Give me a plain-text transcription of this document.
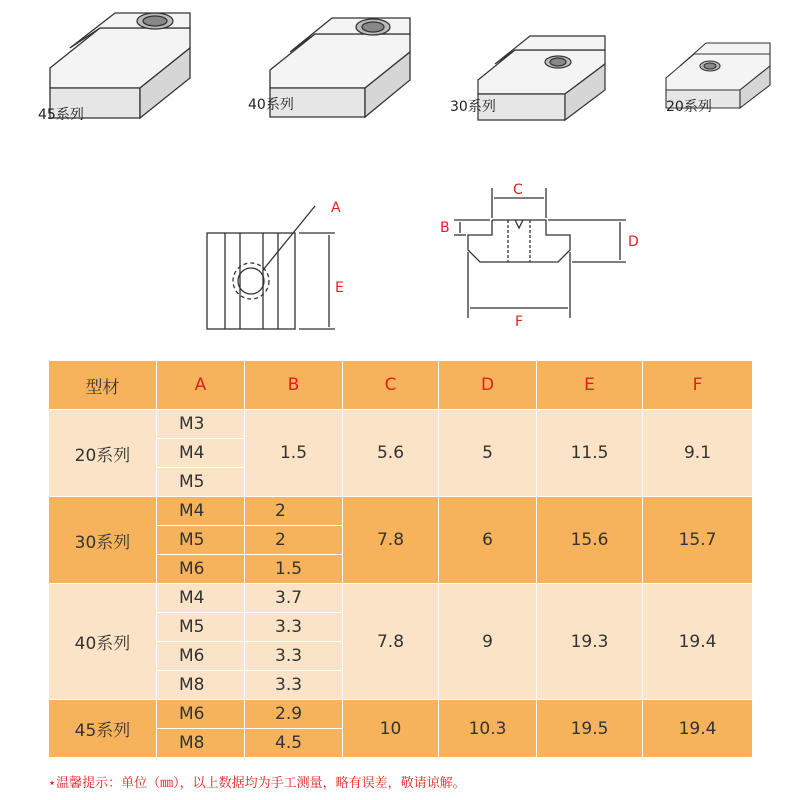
45系列
40系列	30系列	20系列
A
E
C
B
D
F
型材	A	B	C	D	E	F
20系列	M3	1.5	5.6	5	11.5	9.1
	M4					
	M5					
30系列	M4	2	7.8	6	15.6	15.7
	M5	2				
	M6	1.5				
40系列	M4	3.7	7.8	9	19.3	19.4
	M5	3.3				
	M6	3.3				
	M8	3.3				
45系列	M6	2.9	10	10.3	19.5	19.4
	M8	4.5				
⋆温馨提示：单位（㎜），以上数据均为手工测量，略有误差，敬请谅解。
